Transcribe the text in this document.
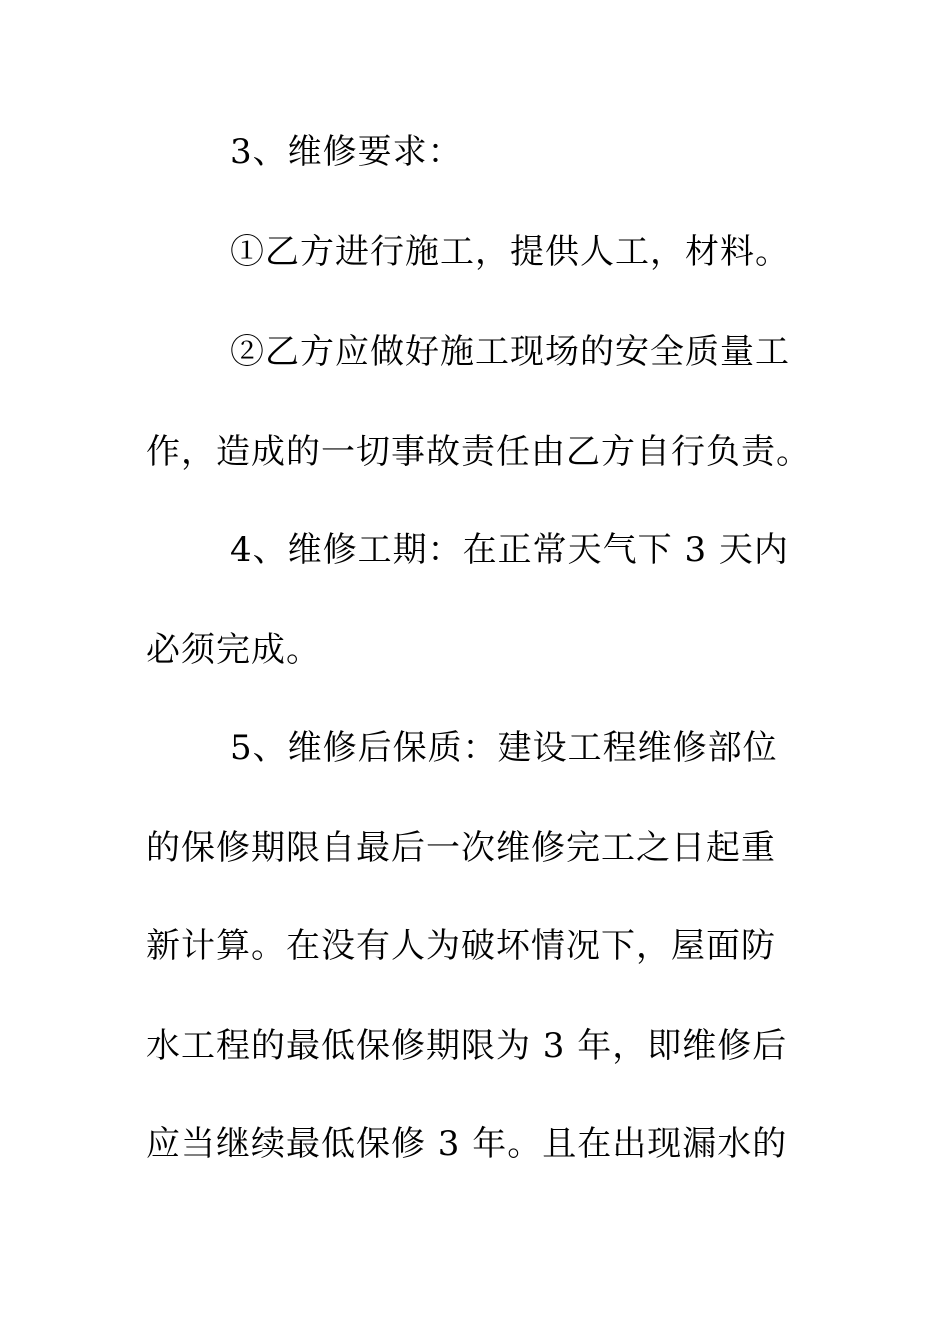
3、维修要求：
①乙方进行施工，提供人工，材料。
②乙方应做好施工现场的安全质量工
作，造成的一切事故责任由乙方自行负责。
4、维修工期：在正常天气下 3 天内
必须完成。
5、维修后保质：建设工程维修部位
的保修期限自最后一次维修完工之日起重
新计算。在没有人为破坏情况下，屋面防
水工程的最低保修期限为 3 年，即维修后
应当继续最低保修 3 年。且在出现漏水的
